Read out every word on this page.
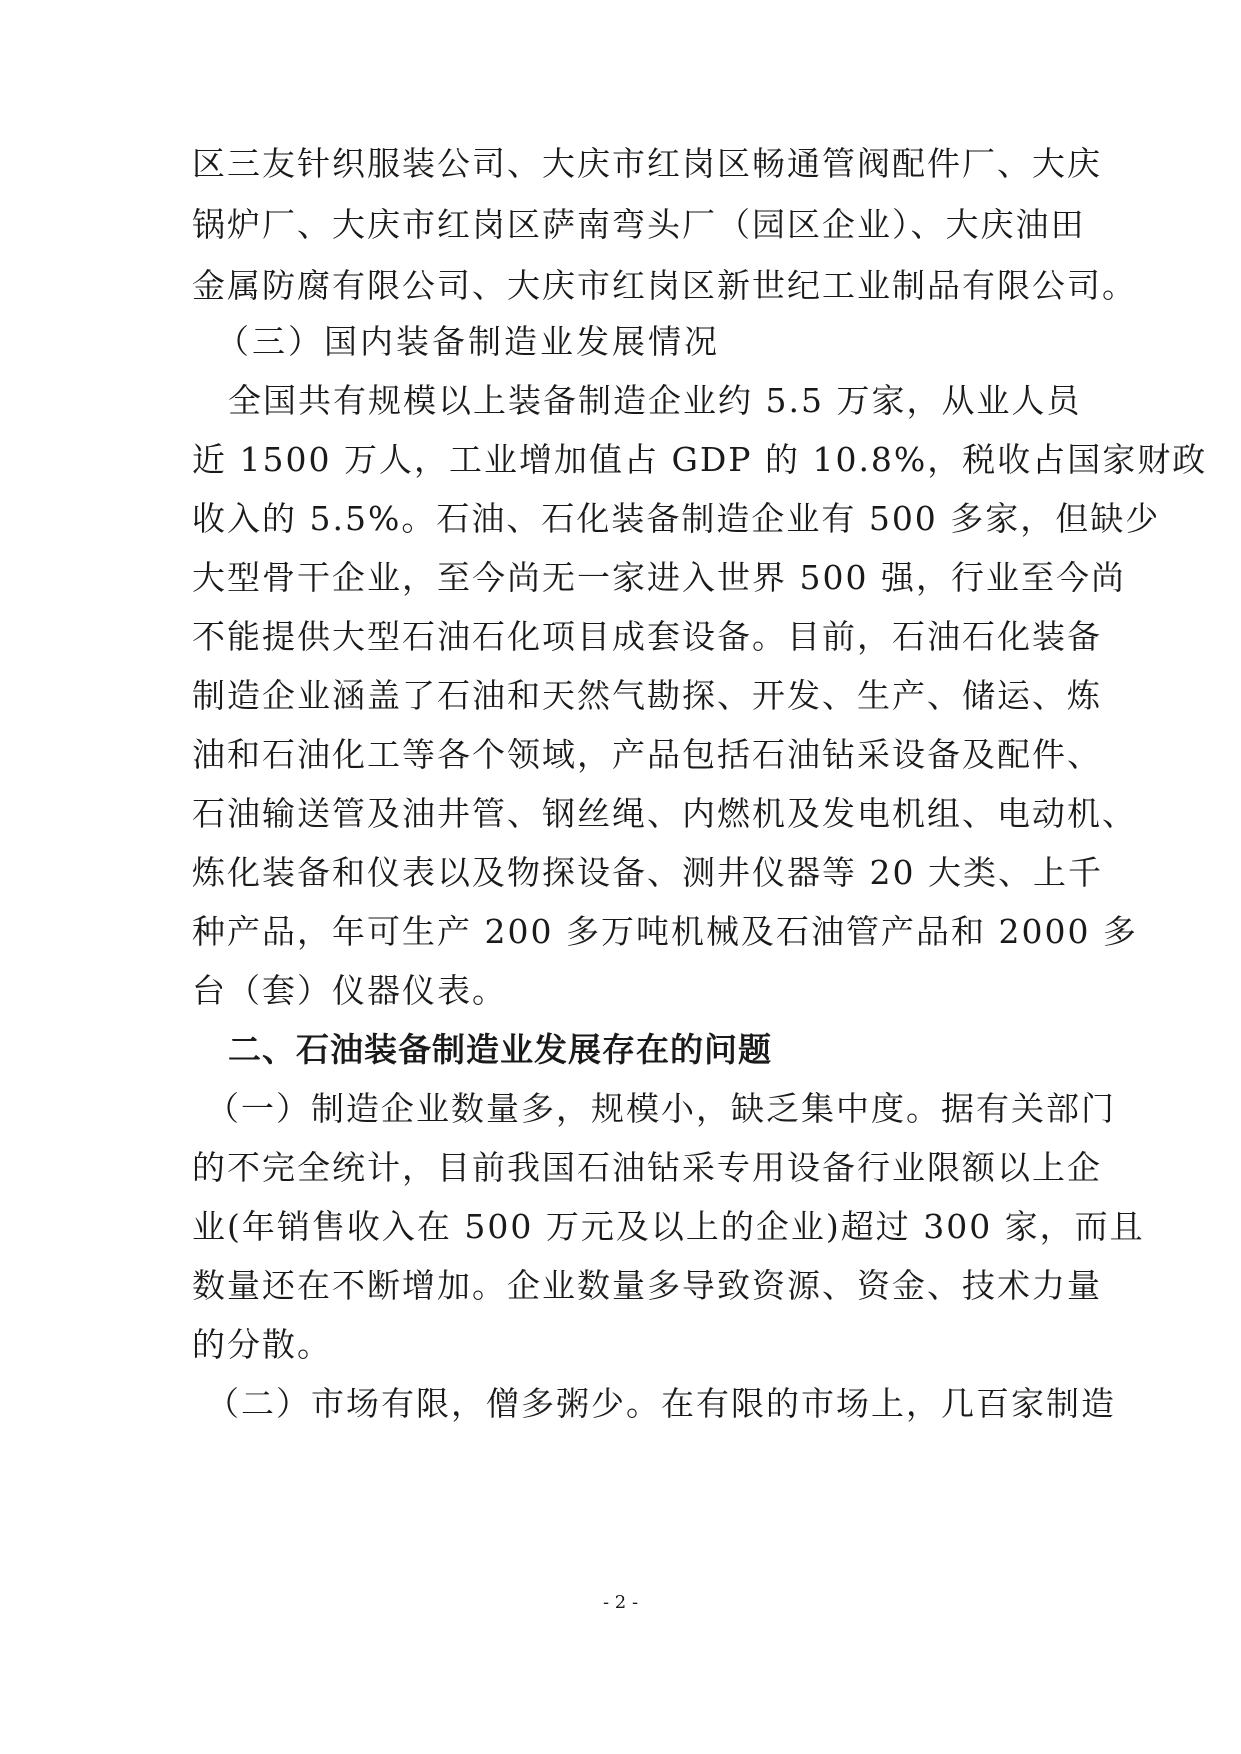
区三友针织服装公司、大庆市红岗区畅通管阀配件厂、大庆
锅炉厂、大庆市红岗区萨南弯头厂（园区企业）、大庆油田
金属防腐有限公司、大庆市红岗区新世纪工业制品有限公司。
（三）国内装备制造业发展情况
全国共有规模以上装备制造企业约 5.5 万家，从业人员
近 1500 万人，工业增加值占 GDP 的 10.8%，税收占国家财政
收入的 5.5%。石油、石化装备制造企业有 500 多家，但缺少
大型骨干企业，至今尚无一家进入世界 500 强，行业至今尚
不能提供大型石油石化项目成套设备。目前，石油石化装备
制造企业涵盖了石油和天然气勘探、开发、生产、储运、炼
油和石油化工等各个领域，产品包括石油钻采设备及配件、
石油输送管及油井管、钢丝绳、内燃机及发电机组、电动机、
炼化装备和仪表以及物探设备、测井仪器等 20 大类、上千
种产品，年可生产 200 多万吨机械及石油管产品和 2000 多
台（套）仪器仪表。
二、石油装备制造业发展存在的问题
（一）制造企业数量多，规模小，缺乏集中度。据有关部门
的不完全统计，目前我国石油钻采专用设备行业限额以上企
业(年销售收入在 500 万元及以上的企业)超过 300 家，而且
数量还在不断增加。企业数量多导致资源、资金、技术力量
的分散。
（二）市场有限，僧多粥少。在有限的市场上，几百家制造
- 2 -
